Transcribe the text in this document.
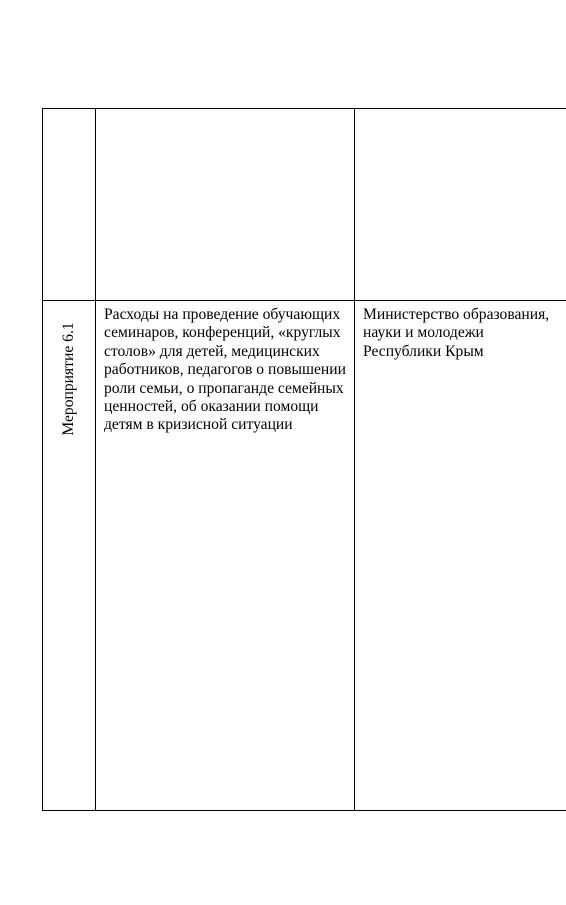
Мероприятие 6.1	Расходы на проведение обучающих семинаров, конференций, «круглых столов» для детей, медицинских работников, педагогов о повышении роли семьи, о пропаганде семейных ценностей, об оказании помощи детям в кризисной ситуации	Министерство образования, науки и молодежи Республики Крым
